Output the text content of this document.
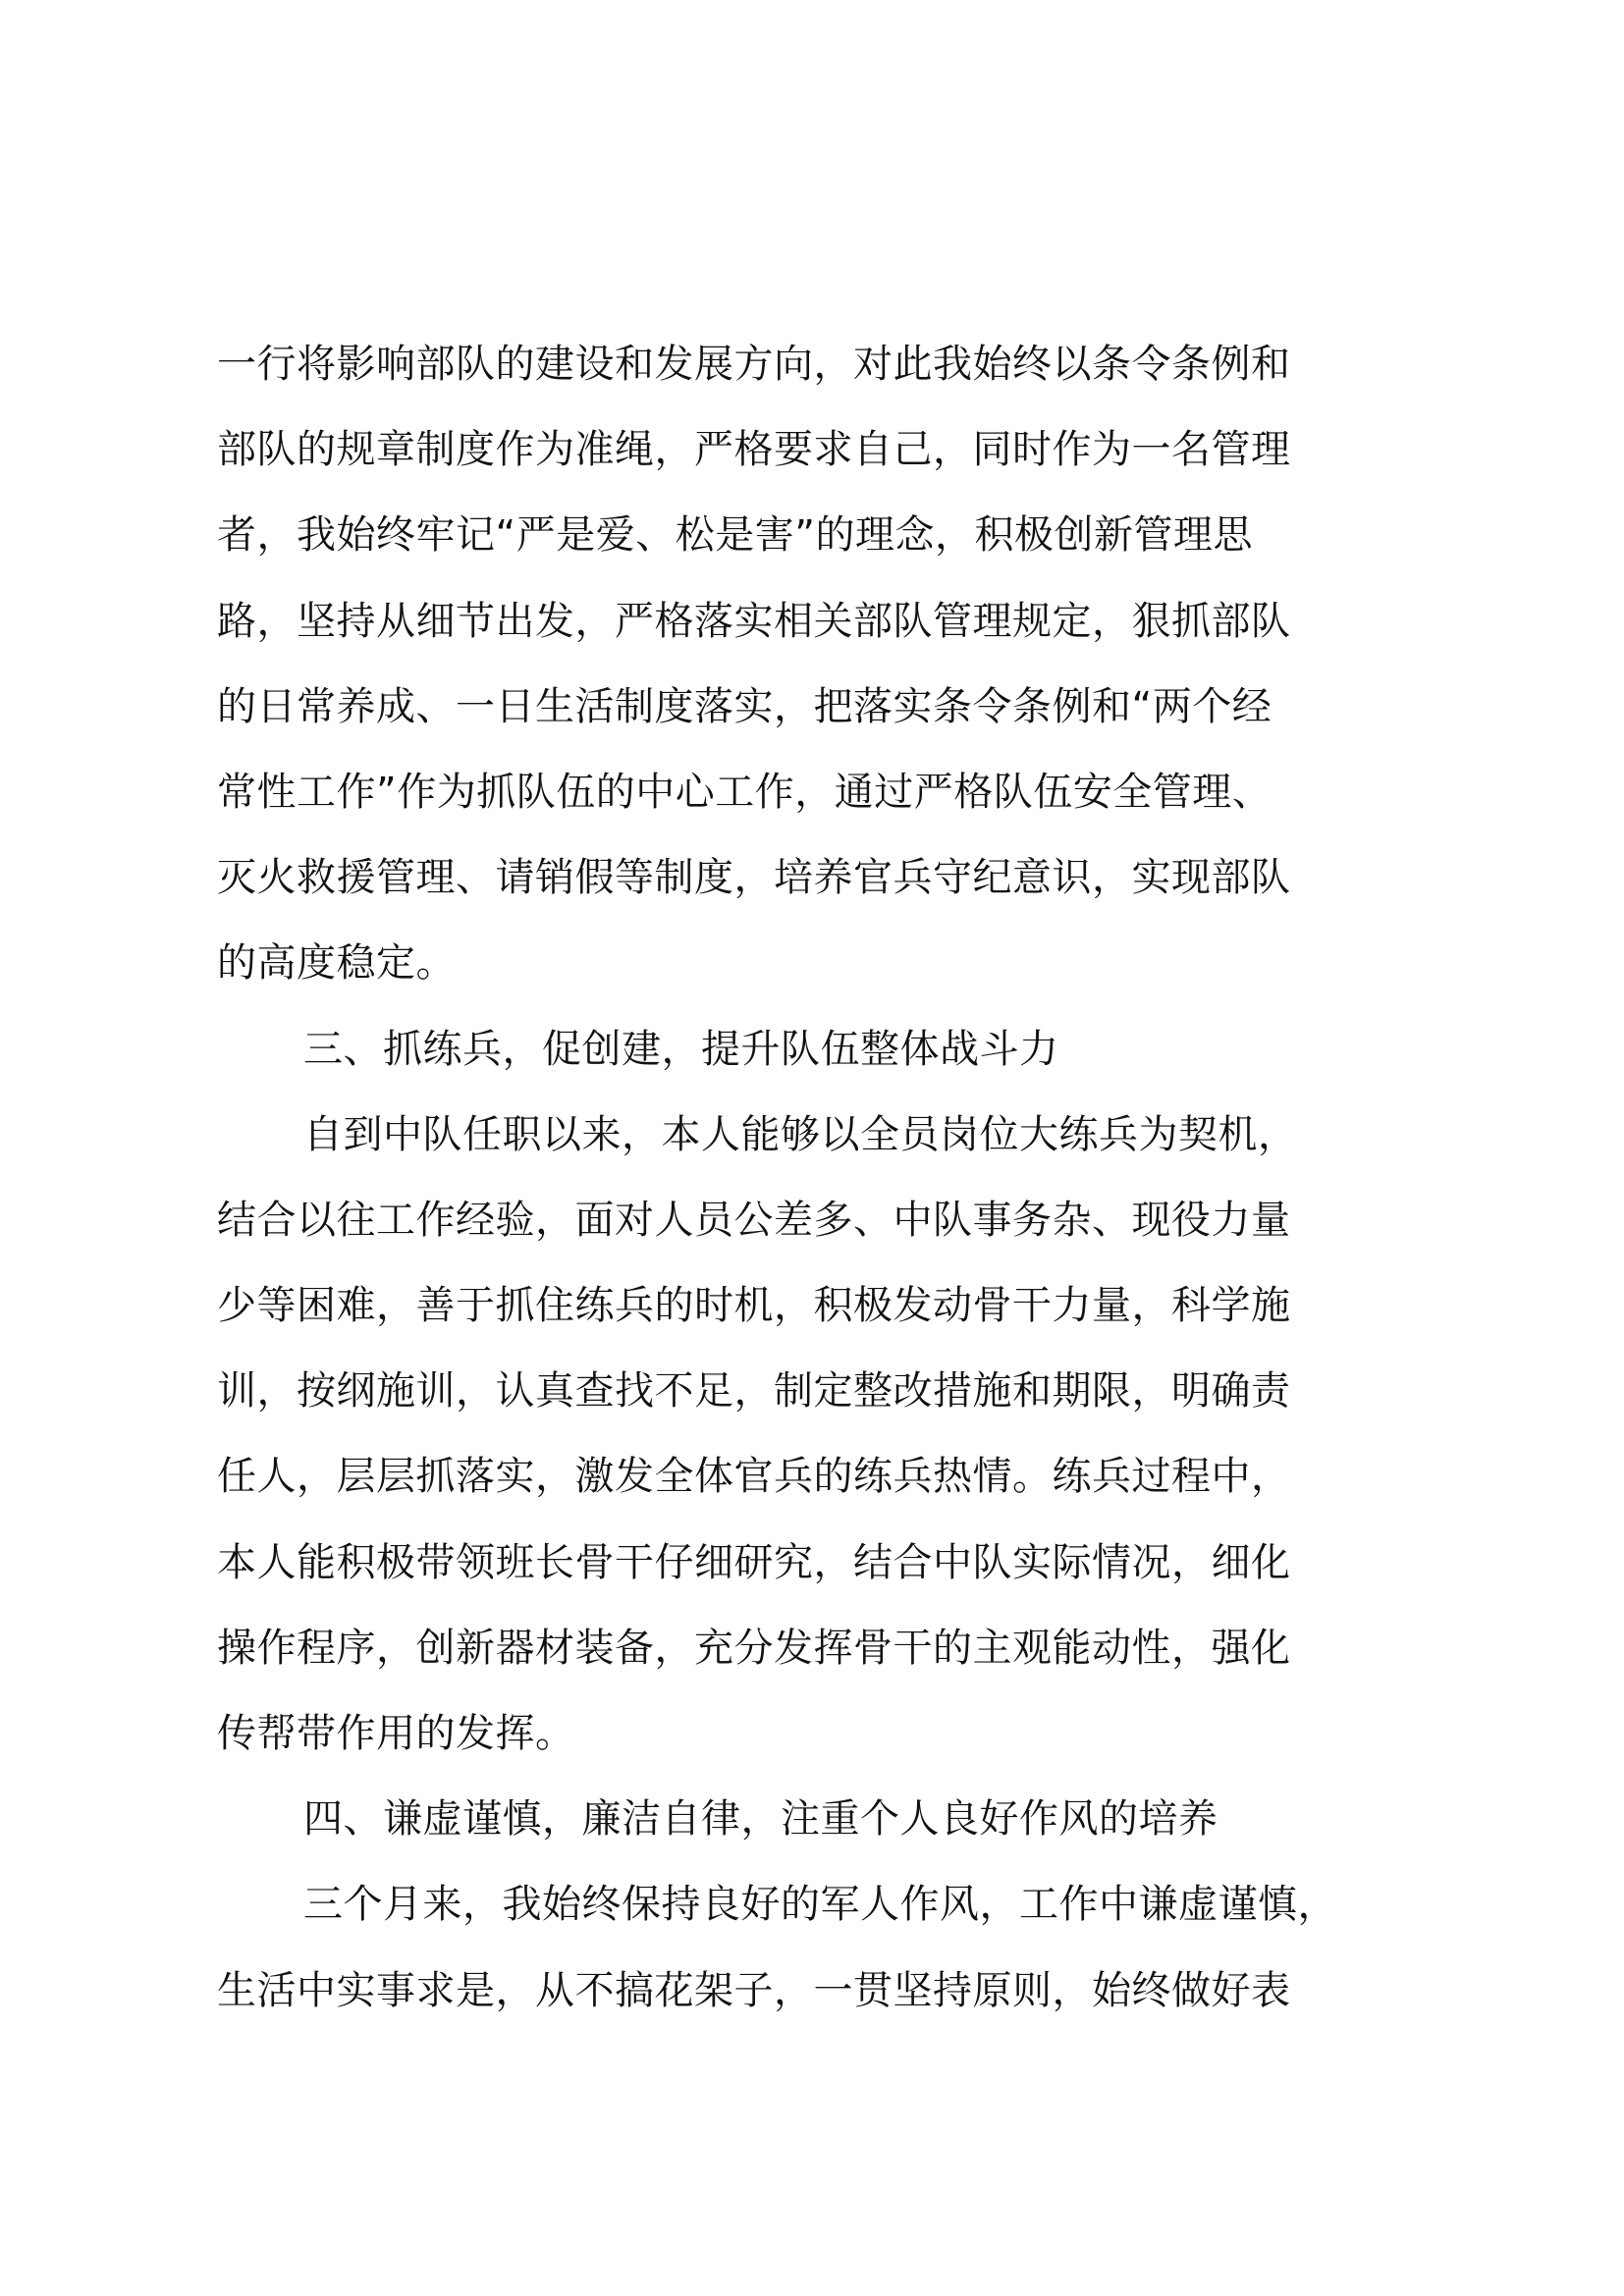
一行将影响部队的建设和发展方向，对此我始终以条令条例和
部队的规章制度作为准绳，严格要求自己，同时作为一名管理
者，我始终牢记“严是爱、松是害”的理念，积极创新管理思
路，坚持从细节出发，严格落实相关部队管理规定，狠抓部队
的日常养成、一日生活制度落实，把落实条令条例和“两个经
常性工作”作为抓队伍的中心工作，通过严格队伍安全管理、
灭火救援管理、请销假等制度，培养官兵守纪意识，实现部队
的高度稳定。
三、抓练兵，促创建，提升队伍整体战斗力
自到中队任职以来，本人能够以全员岗位大练兵为契机，
结合以往工作经验，面对人员公差多、中队事务杂、现役力量
少等困难，善于抓住练兵的时机，积极发动骨干力量，科学施
训，按纲施训，认真查找不足，制定整改措施和期限，明确责
任人，层层抓落实，激发全体官兵的练兵热情。练兵过程中，
本人能积极带领班长骨干仔细研究，结合中队实际情况，细化
操作程序，创新器材装备，充分发挥骨干的主观能动性，强化
传帮带作用的发挥。
四、谦虚谨慎，廉洁自律，注重个人良好作风的培养
三个月来，我始终保持良好的军人作风，工作中谦虚谨慎，
生活中实事求是，从不搞花架子，一贯坚持原则，始终做好表
